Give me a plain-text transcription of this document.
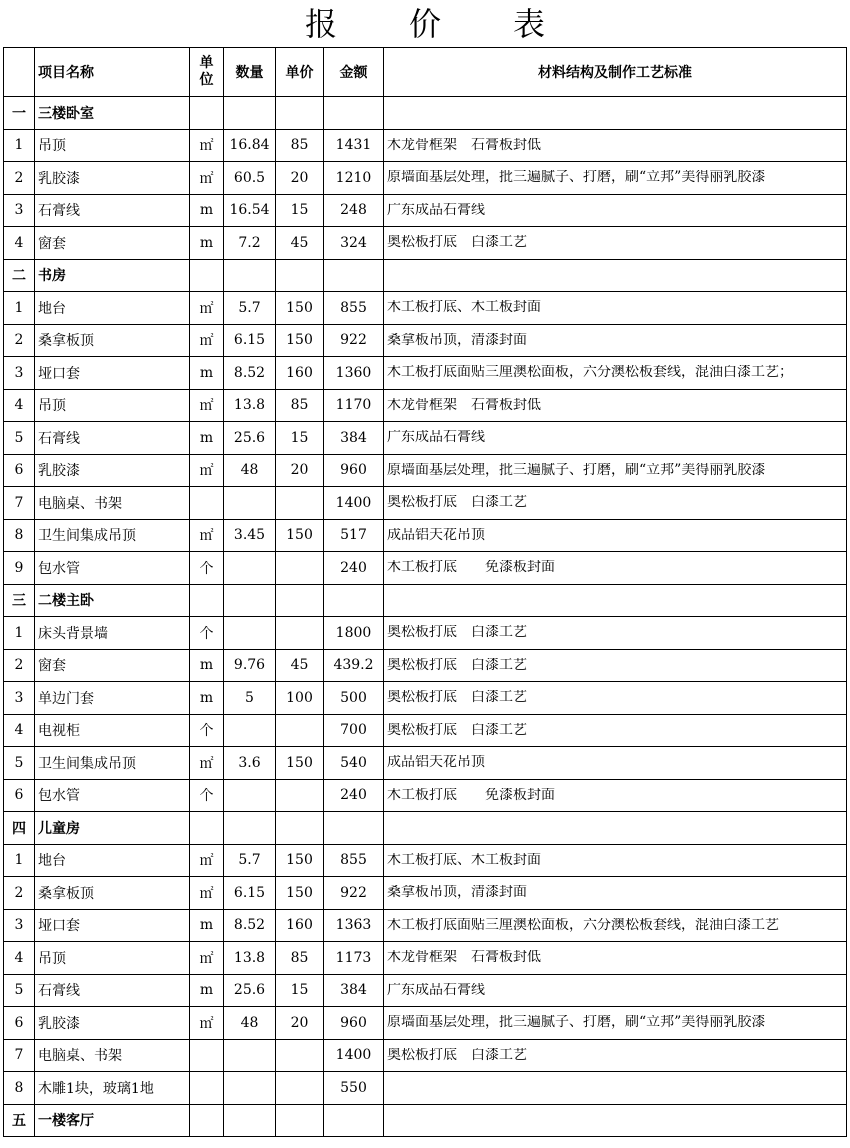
报 价 表
	项目名称	单位	数量	单价	金额	材料结构及制作工艺标准
一	三楼卧室					

1	吊顶	㎡	16.84	85	1431	木龙骨框架　石膏板封低

2	乳胶漆	㎡	60.5	20	1210	原墙面基层处理，批三遍腻子、打磨，刷“立邦”美得丽乳胶漆

3	石膏线	m	16.54	15	248	广东成品石膏线

4	窗套	m	7.2	45	324	奥松板打底　白漆工艺

二	书房					

1	地台	㎡	5.7	150	855	木工板打底、木工板封面

2	桑拿板顶	㎡	6.15	150	922	桑拿板吊顶，清漆封面

3	垭口套	m	8.52	160	1360	木工板打底面贴三厘澳松面板，六分澳松板套线，混油白漆工艺；

4	吊顶	㎡	13.8	85	1170	木龙骨框架　石膏板封低

5	石膏线	m	25.6	15	384	广东成品石膏线

6	乳胶漆	㎡	48	20	960	原墙面基层处理，批三遍腻子、打磨，刷“立邦”美得丽乳胶漆

7	电脑桌、书架				1400	奥松板打底　白漆工艺

8	卫生间集成吊顶	㎡	3.45	150	517	成品铝天花吊顶

9	包水管	个			240	木工板打底　　免漆板封面

三	二楼主卧					

1	床头背景墙	个			1800	奥松板打底　白漆工艺

2	窗套	m	9.76	45	439.2	奥松板打底　白漆工艺

3	单边门套	m	5	100	500	奥松板打底　白漆工艺

4	电视柜	个			700	奥松板打底　白漆工艺

5	卫生间集成吊顶	㎡	3.6	150	540	成品铝天花吊顶

6	包水管	个			240	木工板打底　　免漆板封面

四	儿童房					

1	地台	㎡	5.7	150	855	木工板打底、木工板封面

2	桑拿板顶	㎡	6.15	150	922	桑拿板吊顶，清漆封面

3	垭口套	m	8.52	160	1363	木工板打底面贴三厘澳松面板，六分澳松板套线，混油白漆工艺

4	吊顶	㎡	13.8	85	1173	木龙骨框架　石膏板封低

5	石膏线	m	25.6	15	384	广东成品石膏线

6	乳胶漆	㎡	48	20	960	原墙面基层处理，批三遍腻子、打磨，刷“立邦”美得丽乳胶漆

7	电脑桌、书架				1400	奥松板打底　白漆工艺

8	木雕1块，玻璃1地				550	

五	一楼客厅					
